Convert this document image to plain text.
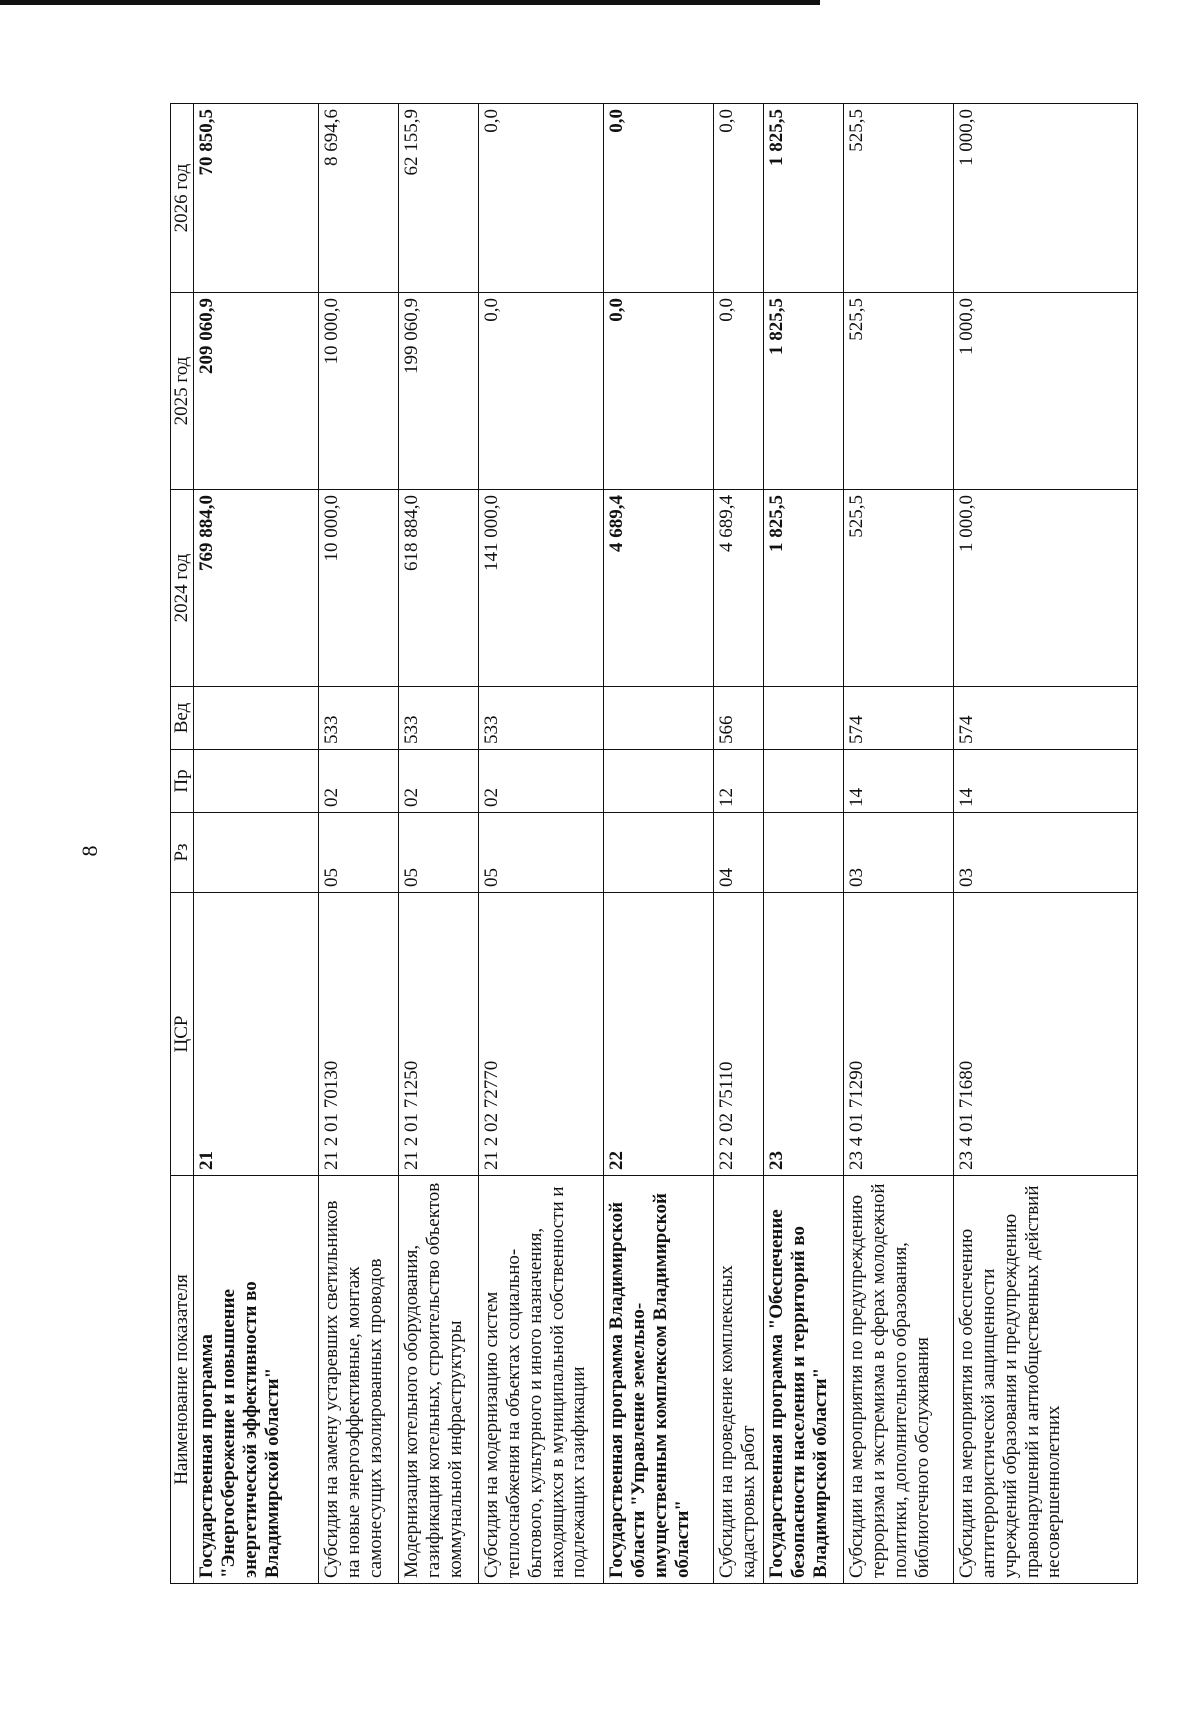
8
Наименование показателя	ЦСР	Рз	Пр	Вед	2024 год	2025 год	2026 год
Государственная программа "Энергосбережение и повышение энергетической эффективности во Владимирской области"	21				769 884,0	209 060,9	70 850,5
Субсидия на замену устаревших светильников на новые энергоэффективные, монтаж самонесущих изолированных проводов	21 2 01 70130	05	02	533	10 000,0	10 000,0	8 694,6
Модернизация котельного оборудования, газификация котельных, строительство объектов коммунальной инфраструктуры	21 2 01 71250	05	02	533	618 884,0	199 060,9	62 155,9
Субсидия на модернизацию систем теплоснабжения на объектах социально-бытового, культурного и иного назначения, находящихся в муниципальной собственности и подлежащих газификации	21 2 02 72770	05	02	533	141 000,0	0,0	0,0
Государственная программа Владимирской области "Управление земельно-имущественным комплексом Владимирской области"	22				4 689,4	0,0	0,0
Субсидии на проведение комплексных кадастровых работ	22 2 02 75110	04	12	566	4 689,4	0,0	0,0
Государственная программа "Обеспечение безопасности населения и территорий во Владимирской области"	23				1 825,5	1 825,5	1 825,5
Субсидии на мероприятия по предупреждению терроризма и экстремизма в сферах молодежной политики, дополнительного образования, библиотечного обслуживания	23 4 01 71290	03	14	574	525,5	525,5	525,5
Субсидии на мероприятия по обеспечению антитеррористической защищенности учреждений образования и предупреждению правонарушений и антиобщественных действий несовершеннолетних	23 4 01 71680	03	14	574	1 000,0	1 000,0	1 000,0
